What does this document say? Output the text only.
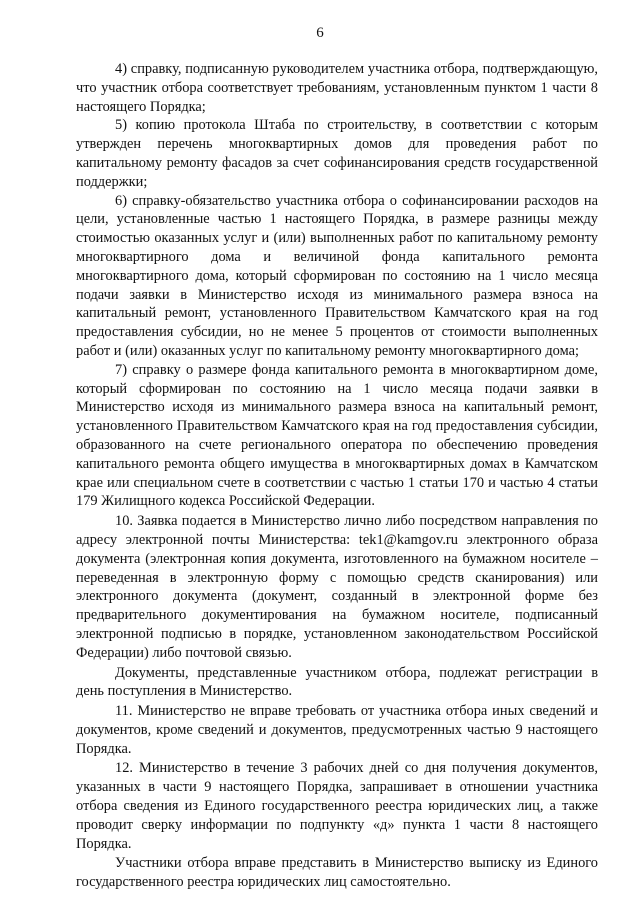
6

4) справку, подписанную руководителем участника отбора, подтверждающую, что участник отбора соответствует требованиям, установленным пунктом 1 части 8 настоящего Порядка;

5) копию протокола Штаба по строительству, в соответствии с которым утвержден перечень многоквартирных домов для проведения работ по капитальному ремонту фасадов за счет софинансирования средств государственной поддержки;

6) справку-обязательство участника отбора о софинансировании расходов на цели, установленные частью 1 настоящего Порядка, в размере разницы между стоимостью оказанных услуг и (или) выполненных работ по капитальному ремонту многоквартирного дома и величиной фонда капитального ремонта многоквартирного дома, который сформирован по состоянию на 1 число месяца подачи заявки в Министерство исходя из минимального размера взноса на капитальный ремонт, установленного Правительством Камчатского края на год предоставления субсидии, но не менее 5 процентов от стоимости выполненных работ и (или) оказанных услуг по капитальному ремонту многоквартирного дома;

7) справку о размере фонда капитального ремонта в многоквартирном доме, который сформирован по состоянию на 1 число месяца подачи заявки в Министерство исходя из минимального размера взноса на капитальный ремонт, установленного Правительством Камчатского края на год предоставления субсидии, образованного на счете регионального оператора по обеспечению проведения капитального ремонта общего имущества в многоквартирных домах в Камчатском крае или специальном счете в соответствии с частью 1 статьи 170 и частью 4 статьи 179 Жилищного кодекса Российской Федерации.

10. Заявка подается в Министерство лично либо посредством направления по адресу электронной почты Министерства: tek1@kamgov.ru электронного образа документа (электронная копия документа, изготовленного на бумажном носителе – переведенная в электронную форму с помощью средств сканирования) или электронного документа (документ, созданный в электронной форме без предварительного документирования на бумажном носителе, подписанный электронной подписью в порядке, установленном законодательством Российской Федерации) либо почтовой связью.

Документы, представленные участником отбора, подлежат регистрации в день поступления в Министерство.

11. Министерство не вправе требовать от участника отбора иных сведений и документов, кроме сведений и документов, предусмотренных частью 9 настоящего Порядка.

12. Министерство в течение 3 рабочих дней со дня получения документов, указанных в части 9 настоящего Порядка, запрашивает в отношении участника отбора сведения из Единого государственного реестра юридических лиц, а также проводит сверку информации по подпункту «д» пункта 1 части 8 настоящего Порядка.

Участники отбора вправе представить в Министерство выписку из Единого государственного реестра юридических лиц самостоятельно.
